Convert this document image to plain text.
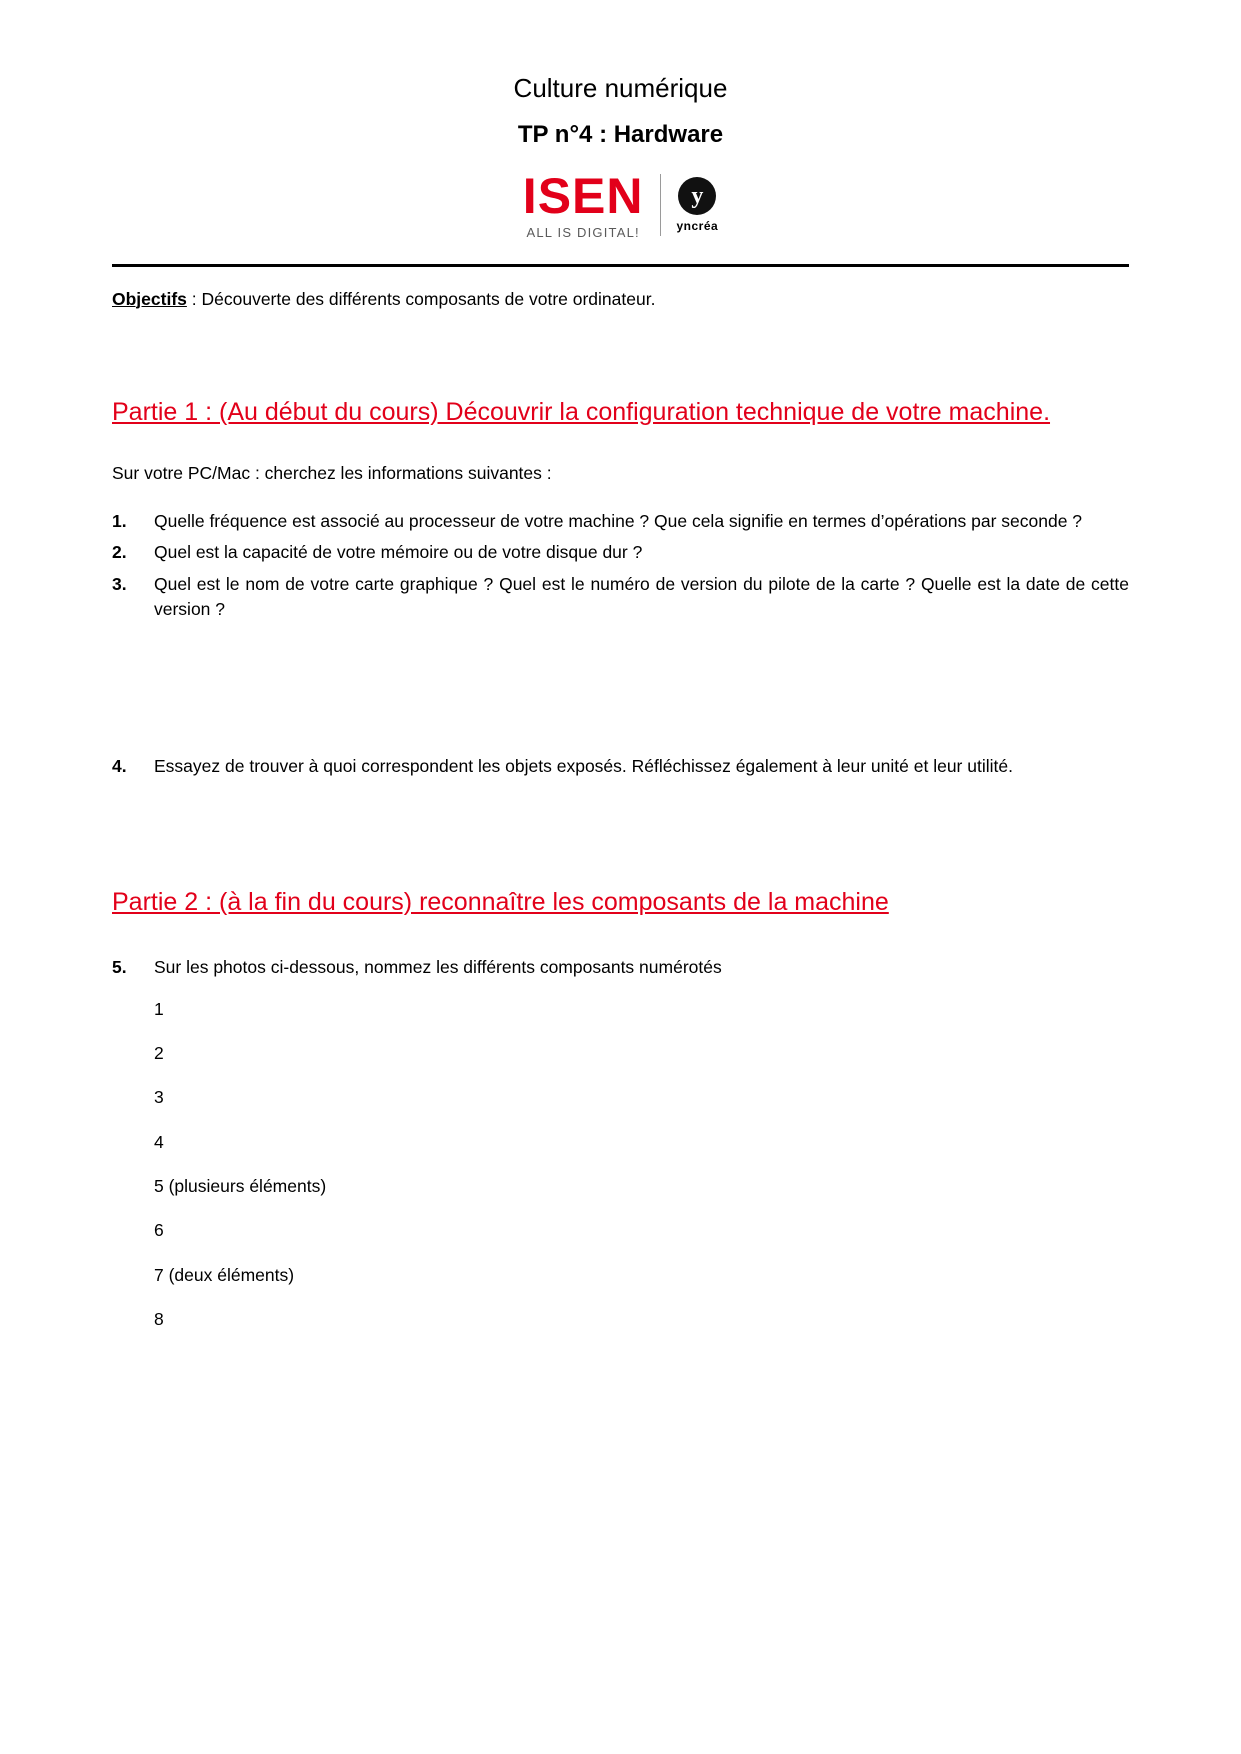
Culture numérique
TP n°4 : Hardware
ISEN
ALL IS DIGITAL!
y
yncréa

Objectifs : Découverte des différents composants de votre ordinateur.

Partie 1 : (Au début du cours) Découvrir la configuration technique de votre machine.

Sur votre PC/Mac : cherchez les informations suivantes :

1.	Quelle fréquence est associé au processeur de votre machine ? Que cela signifie en termes d’opérations par seconde ?
2.	Quel est la capacité de votre mémoire ou de votre disque dur ?
3.	Quel est le nom de votre carte graphique ? Quel est le numéro de version du pilote de la carte ? Quelle est la date de cette version ?
4.	Essayez de trouver à quoi correspondent les objets exposés. Réfléchissez également à leur unité et leur utilité.
Partie 2 : (à la fin du cours) reconnaître les composants de la machine
5.	Sur les photos ci-dessous, nommez les différents composants numérotés
1
2
3
4
5 (plusieurs éléments)
6
7 (deux éléments)
8
